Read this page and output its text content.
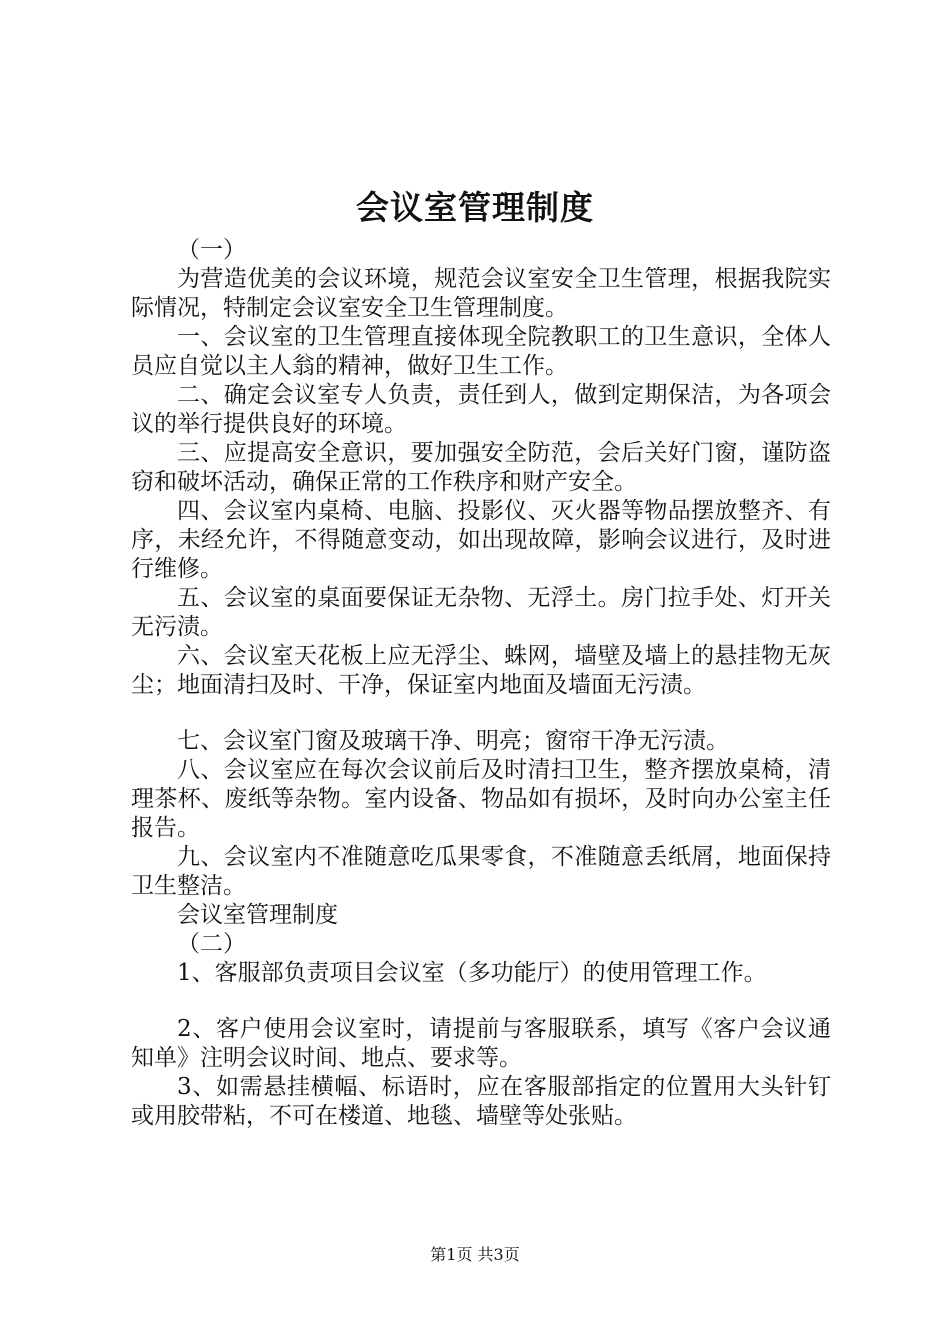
会议室管理制度

（一）

为营造优美的会议环境，规范会议室安全卫生管理，根据我院实际情况，特制定会议室安全卫生管理制度。

一、会议室的卫生管理直接体现全院教职工的卫生意识，全体人员应自觉以主人翁的精神，做好卫生工作。

二、确定会议室专人负责，责任到人，做到定期保洁，为各项会议的举行提供良好的环境。

三、应提高安全意识，要加强安全防范，会后关好门窗，谨防盗窃和破坏活动，确保正常的工作秩序和财产安全。

四、会议室内桌椅、电脑、投影仪、灭火器等物品摆放整齐、有序，未经允许，不得随意变动，如出现故障，影响会议进行，及时进行维修。

五、会议室的桌面要保证无杂物、无浮土。房门拉手处、灯开关无污渍。

六、会议室天花板上应无浮尘、蛛网，墙壁及墙上的悬挂物无灰尘；地面清扫及时、干净，保证室内地面及墙面无污渍。

七、会议室门窗及玻璃干净、明亮；窗帘干净无污渍。

八、会议室应在每次会议前后及时清扫卫生，整齐摆放桌椅，清理茶杯、废纸等杂物。室内设备、物品如有损坏，及时向办公室主任报告。

九、会议室内不准随意吃瓜果零食，不准随意丢纸屑，地面保持卫生整洁。

会议室管理制度

（二）

1、客服部负责项目会议室（多功能厅）的使用管理工作。

2、客户使用会议室时，请提前与客服联系，填写《客户会议通知单》注明会议时间、地点、要求等。

3、如需悬挂横幅、标语时，应在客服部指定的位置用大头针钉或用胶带粘，不可在楼道、地毯、墙壁等处张贴。

第1页 共3页
